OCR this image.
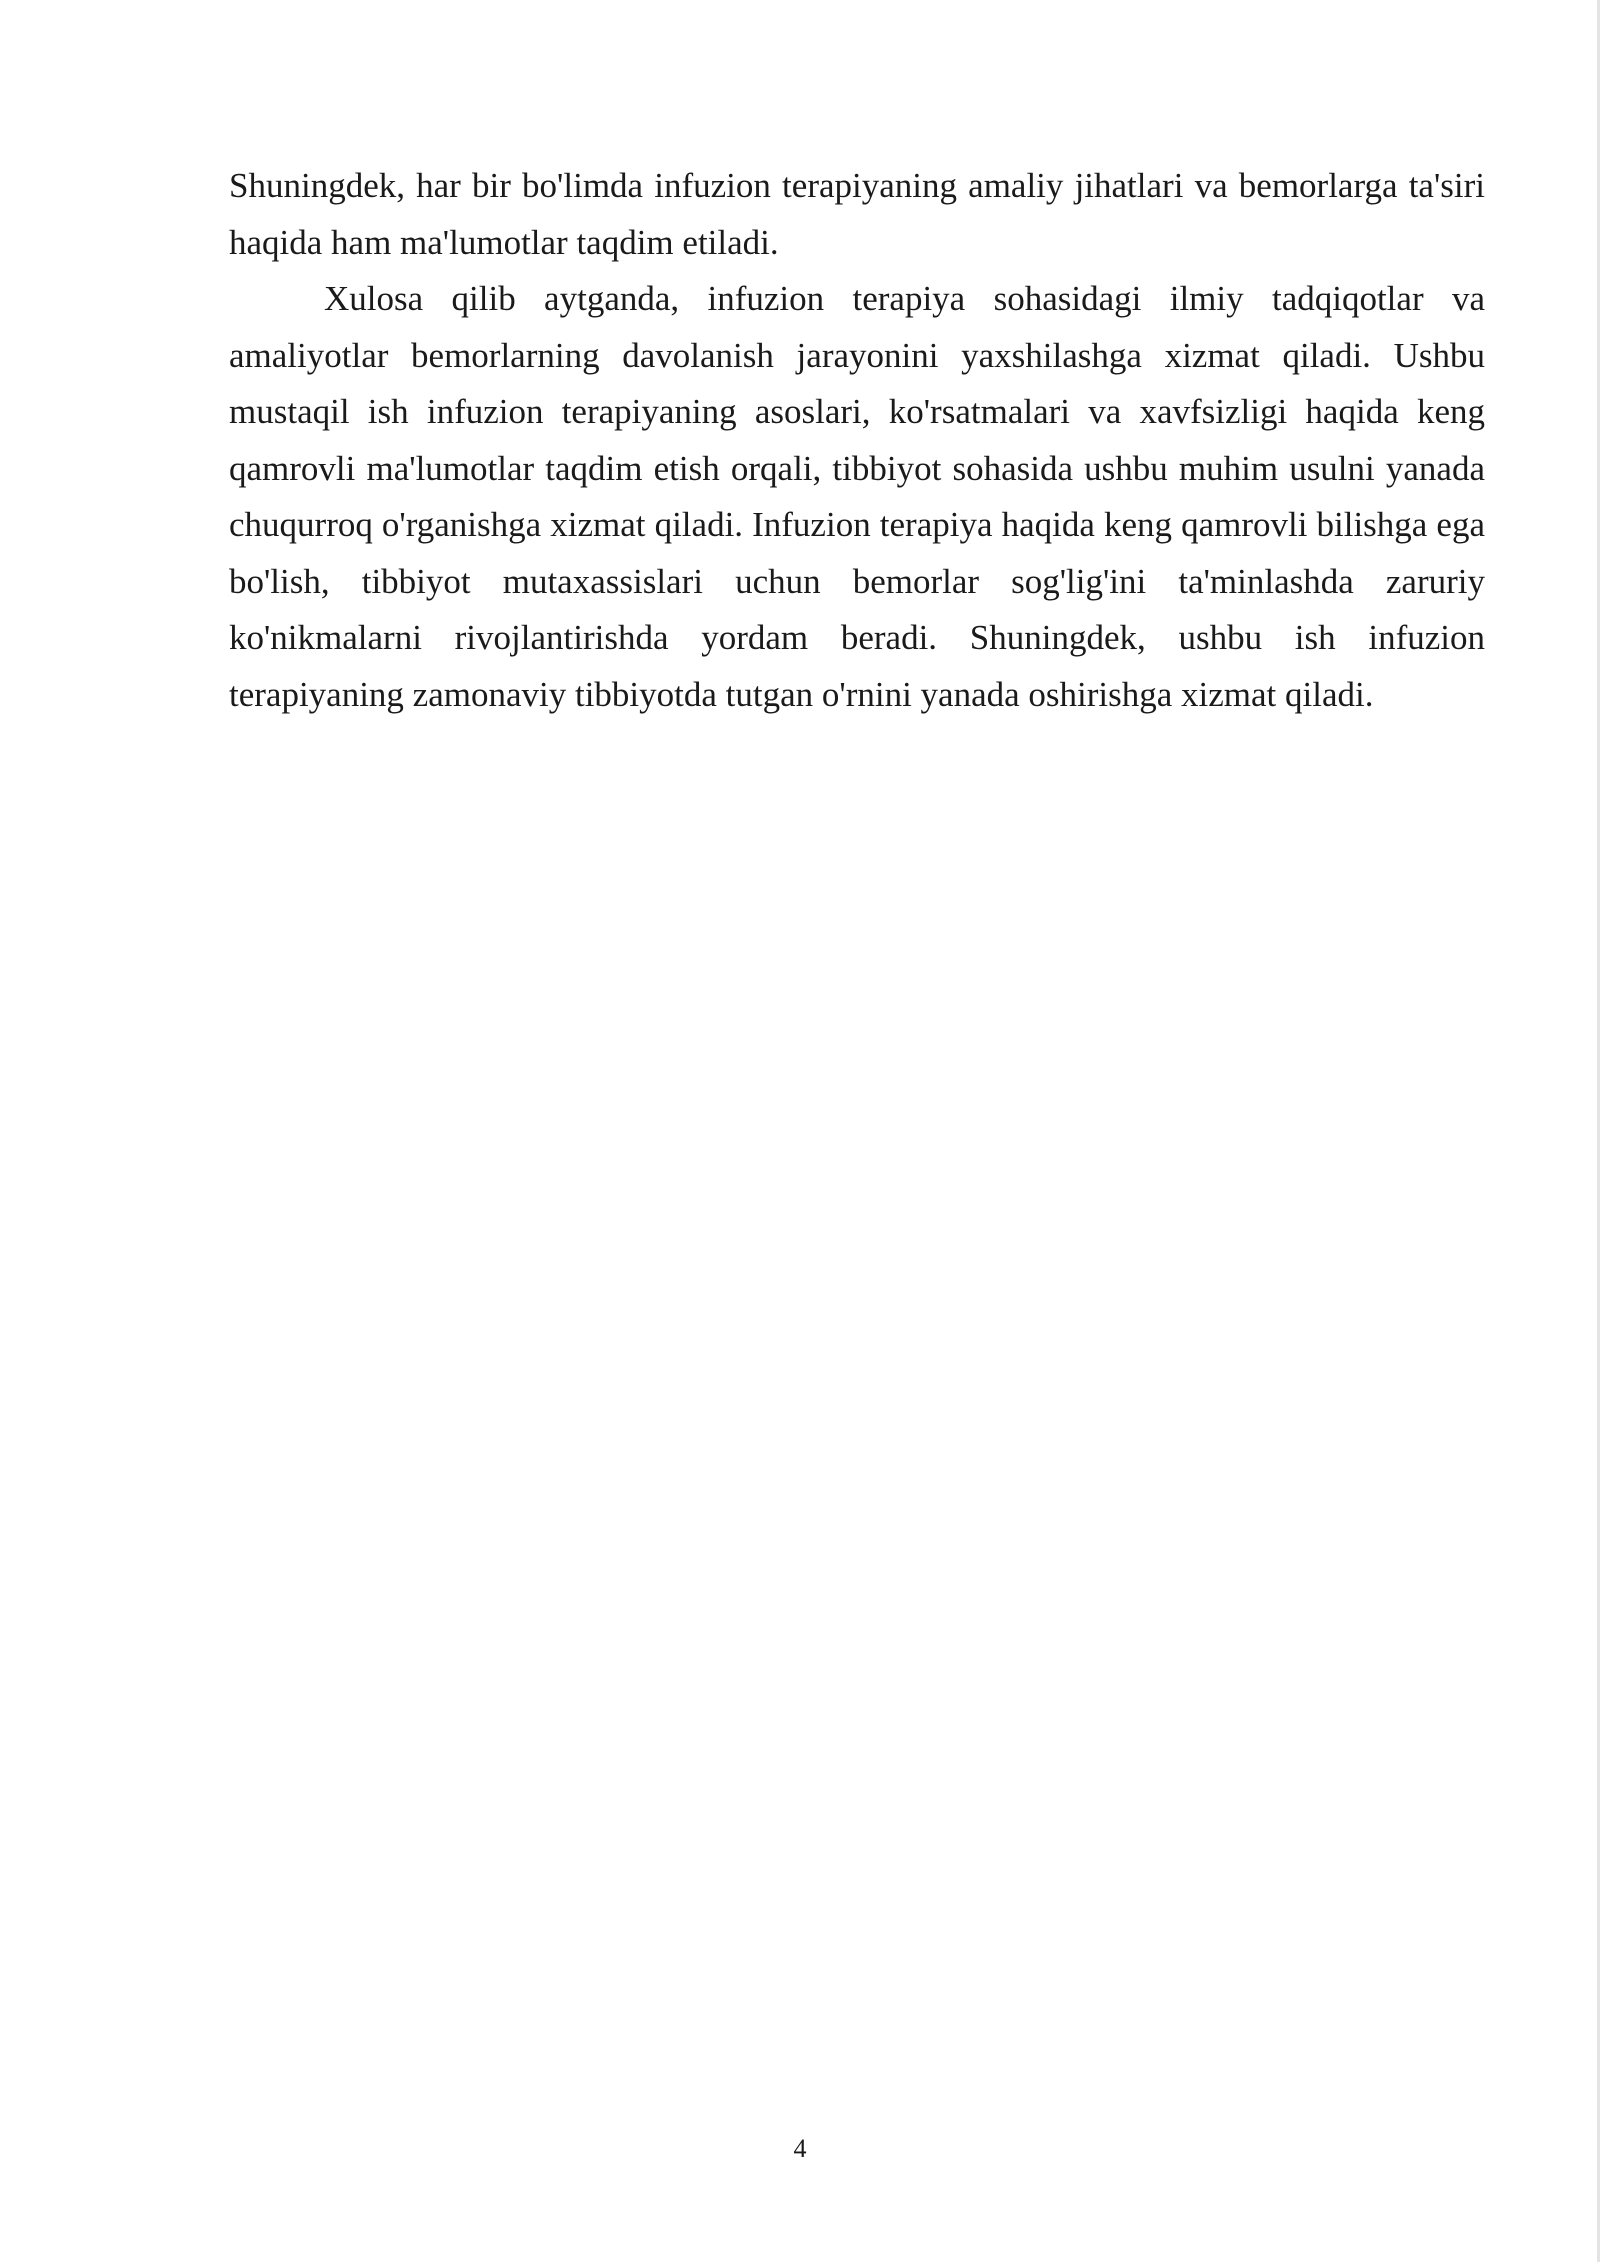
Shuningdek, har bir bo'limda infuzion terapiyaning amaliy jihatlari va bemorlarga ta'siri haqida ham ma'lumotlar taqdim etiladi.

Xulosa qilib aytganda, infuzion terapiya sohasidagi ilmiy tadqiqotlar va amaliyotlar bemorlarning davolanish jarayonini yaxshilashga xizmat qiladi. Ushbu mustaqil ish infuzion terapiyaning asoslari, ko'rsatmalari va xavfsizligi haqida keng qamrovli ma'lumotlar taqdim etish orqali, tibbiyot sohasida ushbu muhim usulni yanada chuqurroq o'rganishga xizmat qiladi. Infuzion terapiya haqida keng qamrovli bilishga ega bo'lish, tibbiyot mutaxassislari uchun bemorlar sog'lig'ini ta'minlashda zaruriy ko'nikmalarni rivojlantirishda yordam beradi. Shuningdek, ushbu ish infuzion terapiyaning zamonaviy tibbiyotda tutgan o'rnini yanada oshirishga xizmat qiladi.

4
